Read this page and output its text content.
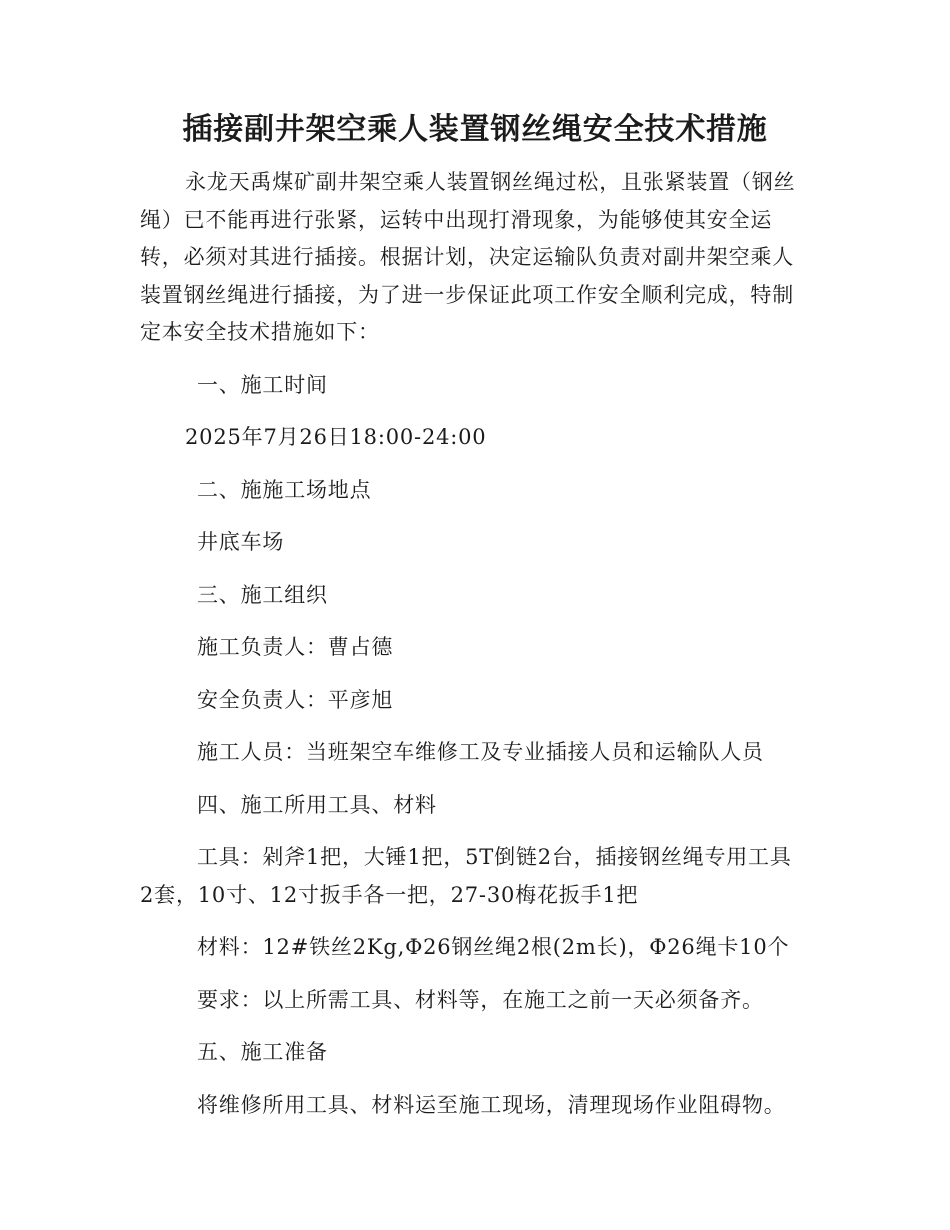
插接副井架空乘人装置钢丝绳安全技术措施

永龙天禹煤矿副井架空乘人装置钢丝绳过松，且张紧装置（钢丝绳）已不能再进行张紧，运转中出现打滑现象，为能够使其安全运转，必须对其进行插接。根据计划，决定运输队负责对副井架空乘人装置钢丝绳进行插接，为了进一步保证此项工作安全顺利完成，特制定本安全技术措施如下：

一、施工时间

2025年7月26日18:00-24:00

二、施施工场地点

井底车场

三、施工组织

施工负责人：曹占德

安全负责人：平彦旭

施工人员：当班架空车维修工及专业插接人员和运输队人员

四、施工所用工具、材料

工具：剁斧1把，大锤1把，5T倒链2台，插接钢丝绳专用工具2套，10寸、12寸扳手各一把，27-30梅花扳手1把

材料：12#铁丝2Kg,Φ26钢丝绳2根(2m长)，Φ26绳卡10个

要求：以上所需工具、材料等，在施工之前一天必须备齐。

五、施工准备

将维修所用工具、材料运至施工现场，清理现场作业阻碍物。
